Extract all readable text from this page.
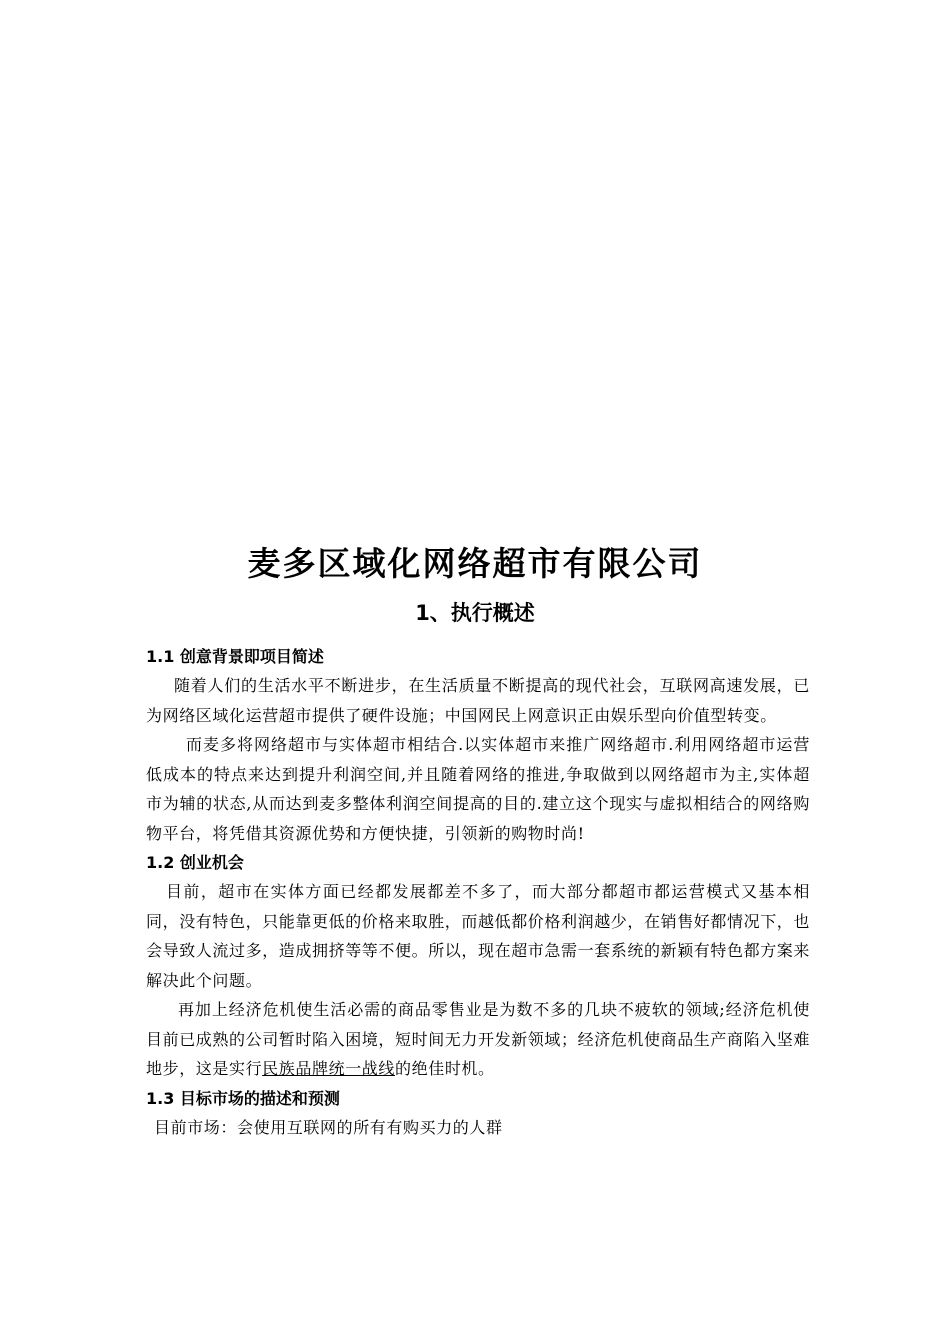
麦多区域化网络超市有限公司
1、执行概述
1.1 创意背景即项目简述

随着人们的生活水平不断进步，在生活质量不断提高的现代社会，互联网高速发展，已为网络区域化运营超市提供了硬件设施；中国网民上网意识正由娱乐型向价值型转变。

而麦多将网络超市与实体超市相结合.以实体超市来推广网络超市.利用网络超市运营低成本的特点来达到提升利润空间,并且随着网络的推进,争取做到以网络超市为主,实体超市为辅的状态,从而达到麦多整体利润空间提高的目的.建立这个现实与虚拟相结合的网络购物平台，将凭借其资源优势和方便快捷，引领新的购物时尚!

1.2 创业机会

目前，超市在实体方面已经都发展都差不多了，而大部分都超市都运营模式又基本相同，没有特色，只能靠更低的价格来取胜，而越低都价格利润越少，在销售好都情况下，也会导致人流过多，造成拥挤等等不便。所以，现在超市急需一套系统的新颖有特色都方案来解决此个问题。

再加上经济危机使生活必需的商品零售业是为数不多的几块不疲软的领域;经济危机使目前已成熟的公司暂时陷入困境，短时间无力开发新领域；经济危机使商品生产商陷入坚难地步，这是实行民族品牌统一战线的绝佳时机。

1.3 目标市场的描述和预测

目前市场：会使用互联网的所有有购买力的人群
